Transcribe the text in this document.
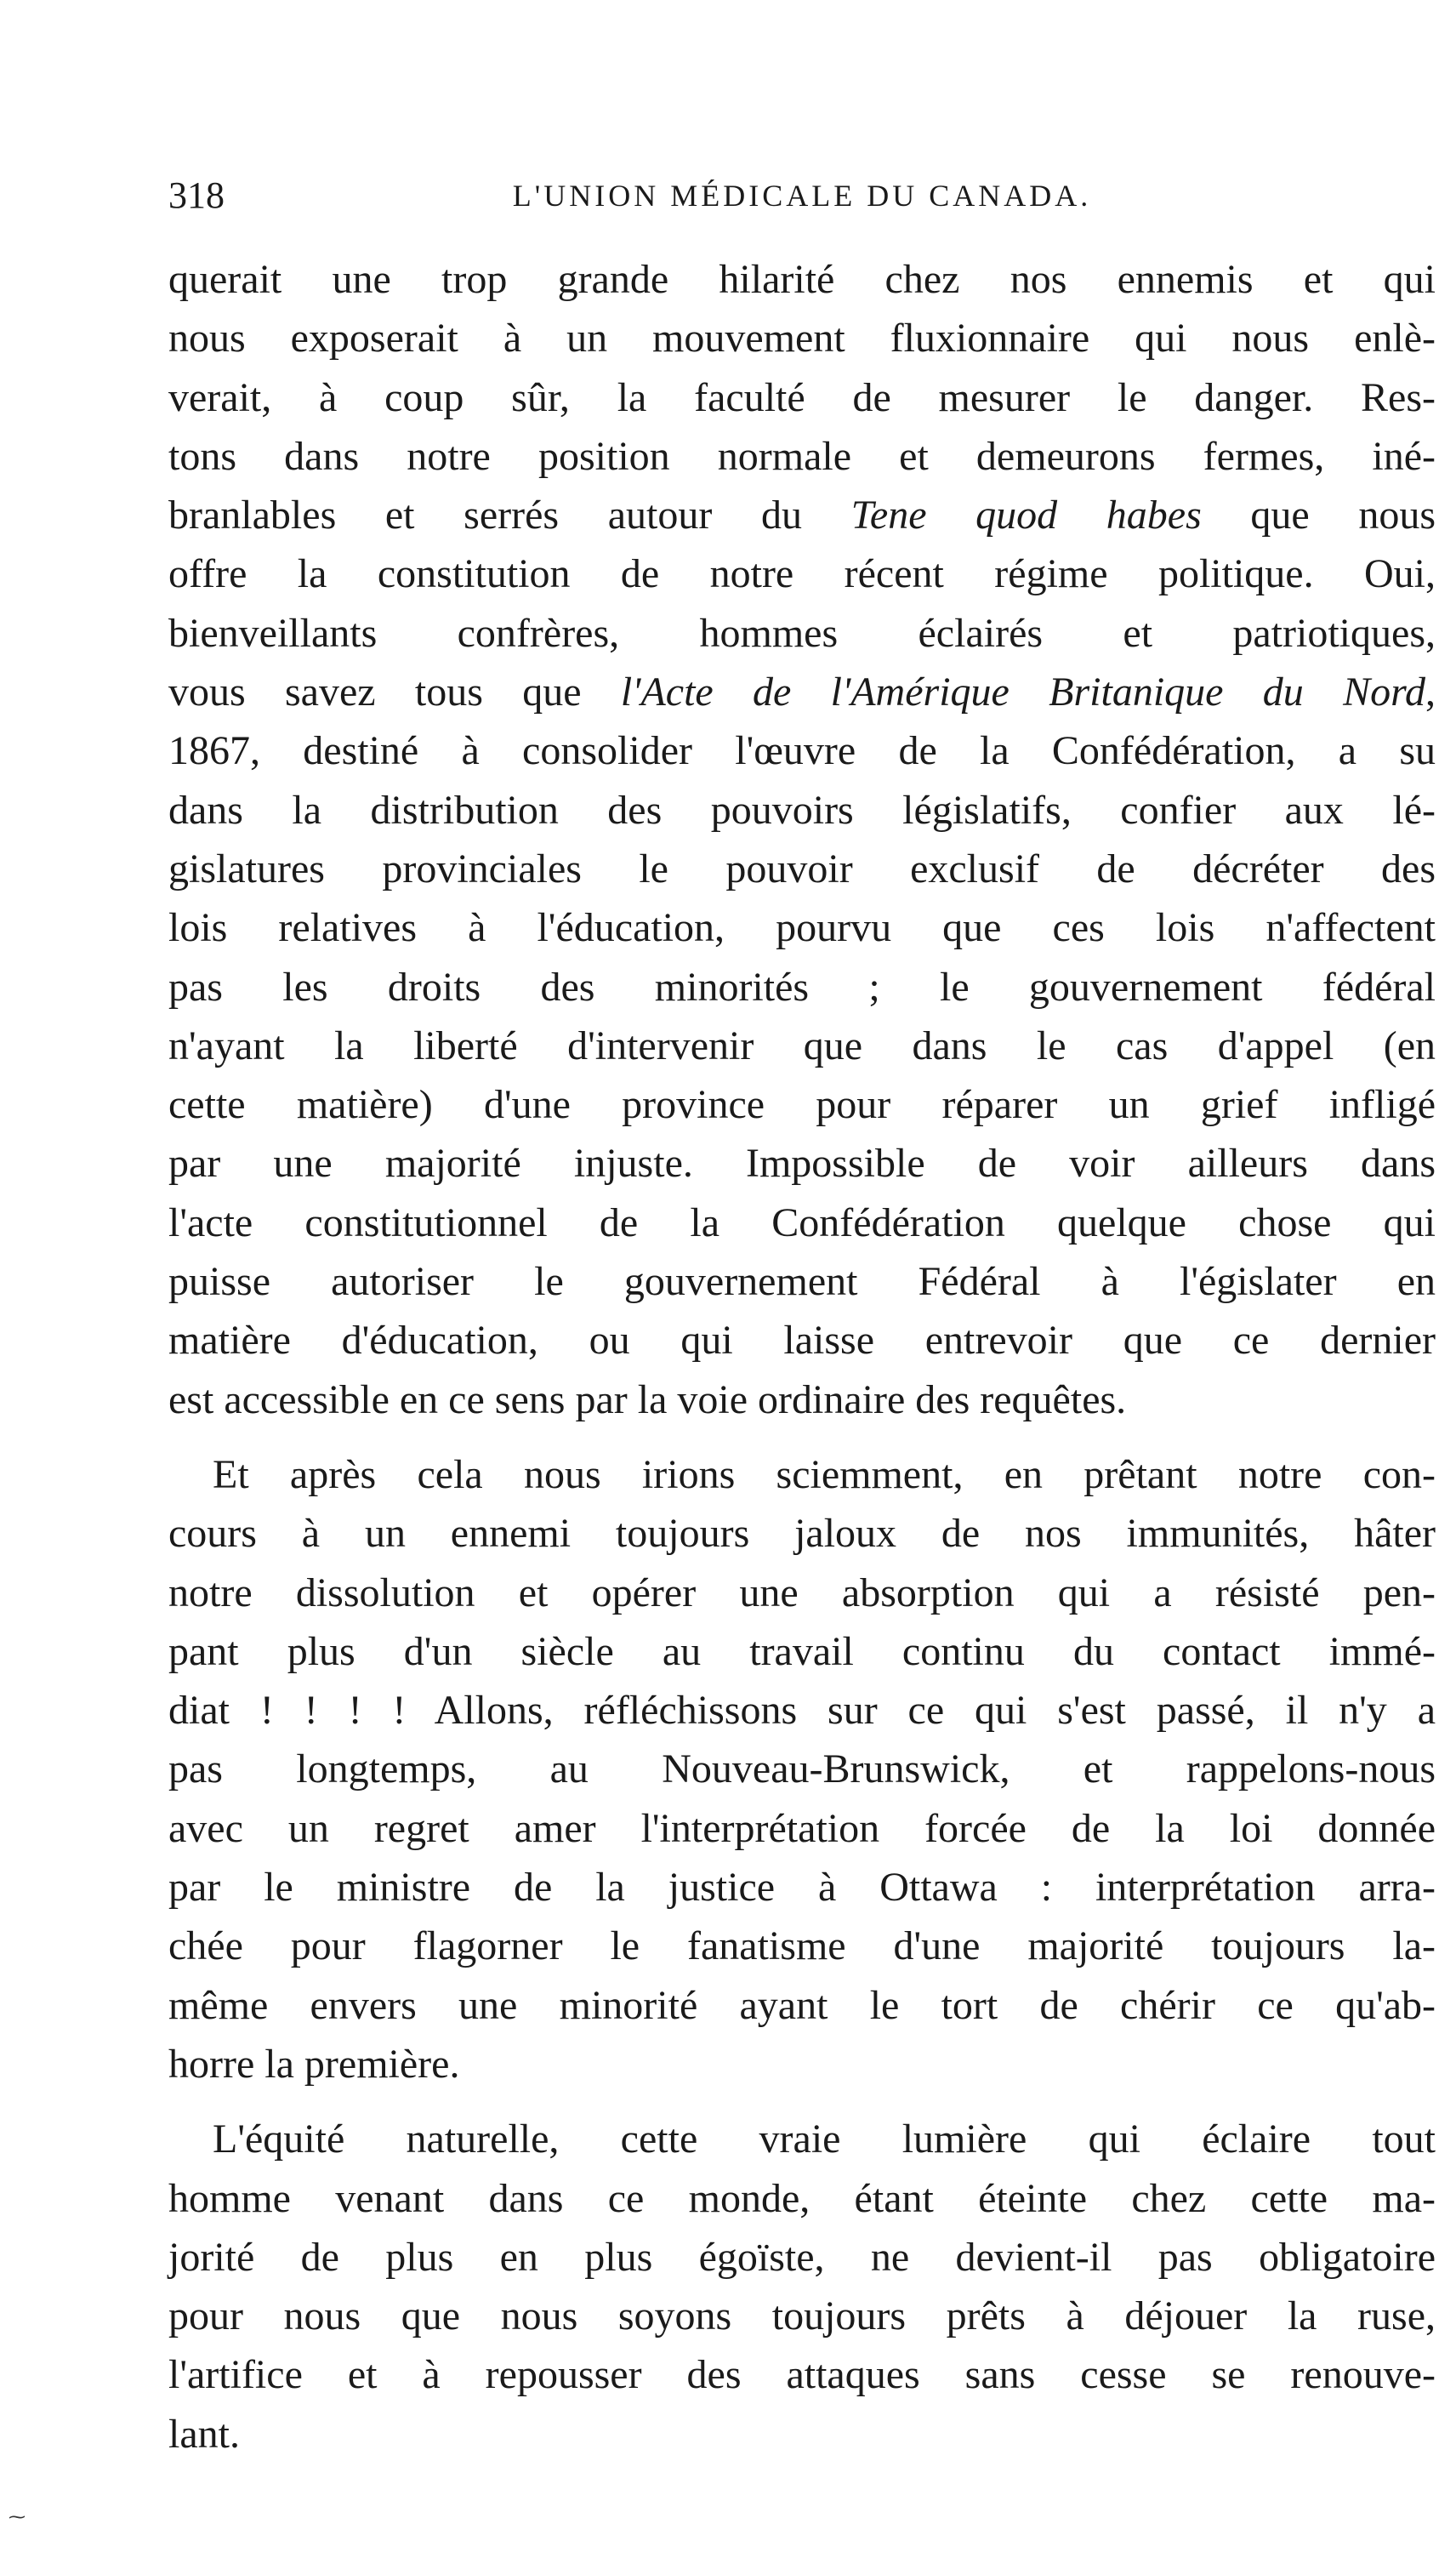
318	L'UNION MÉDICALE DU CANADA.
querait une trop grande hilarité chez nos ennemis et qui
nous exposerait à un mouvement fluxionnaire qui nous enlè-
verait, à coup sûr, la faculté de mesurer le danger. Res-
tons dans notre position normale et demeurons fermes, iné-
branlables et serrés autour du Tene quod habes que nous
offre la constitution de notre récent régime politique. Oui,
bienveillants confrères, hommes éclairés et patriotiques,
vous savez tous que l'Acte de l'Amérique Britanique du Nord,
1867, destiné à consolider l'œuvre de la Confédération, a su
dans la distribution des pouvoirs législatifs, confier aux lé-
gislatures provinciales le pouvoir exclusif de décréter des
lois relatives à l'éducation, pourvu que ces lois n'affectent
pas les droits des minorités ; le gouvernement fédéral
n'ayant la liberté d'intervenir que dans le cas d'appel (en
cette matière) d'une province pour réparer un grief infligé
par une majorité injuste. Impossible de voir ailleurs dans
l'acte constitutionnel de la Confédération quelque chose qui
puisse autoriser le gouvernement Fédéral à l'égislater en
matière d'éducation, ou qui laisse entrevoir que ce dernier
est accessible en ce sens par la voie ordinaire des requêtes.
Et après cela nous irions sciemment, en prêtant notre con-
cours à un ennemi toujours jaloux de nos immunités, hâter
notre dissolution et opérer une absorption qui a résisté pen-
pant plus d'un siècle au travail continu du contact immé-
diat ! ! ! ! Allons, réfléchissons sur ce qui s'est passé, il n'y a
pas longtemps, au Nouveau-Brunswick, et rappelons-nous
avec un regret amer l'interprétation forcée de la loi donnée
par le ministre de la justice à Ottawa : interprétation arra-
chée pour flagorner le fanatisme d'une majorité toujours la-
même envers une minorité ayant le tort de chérir ce qu'ab-
horre la première.
L'équité naturelle, cette vraie lumière qui éclaire tout
homme venant dans ce monde, étant éteinte chez cette ma-
jorité de plus en plus égoïste, ne devient-il pas obligatoire
pour nous que nous soyons toujours prêts à déjouer la ruse,
l'artifice et à repousser des attaques sans cesse se renouve-
lant.
⁓
